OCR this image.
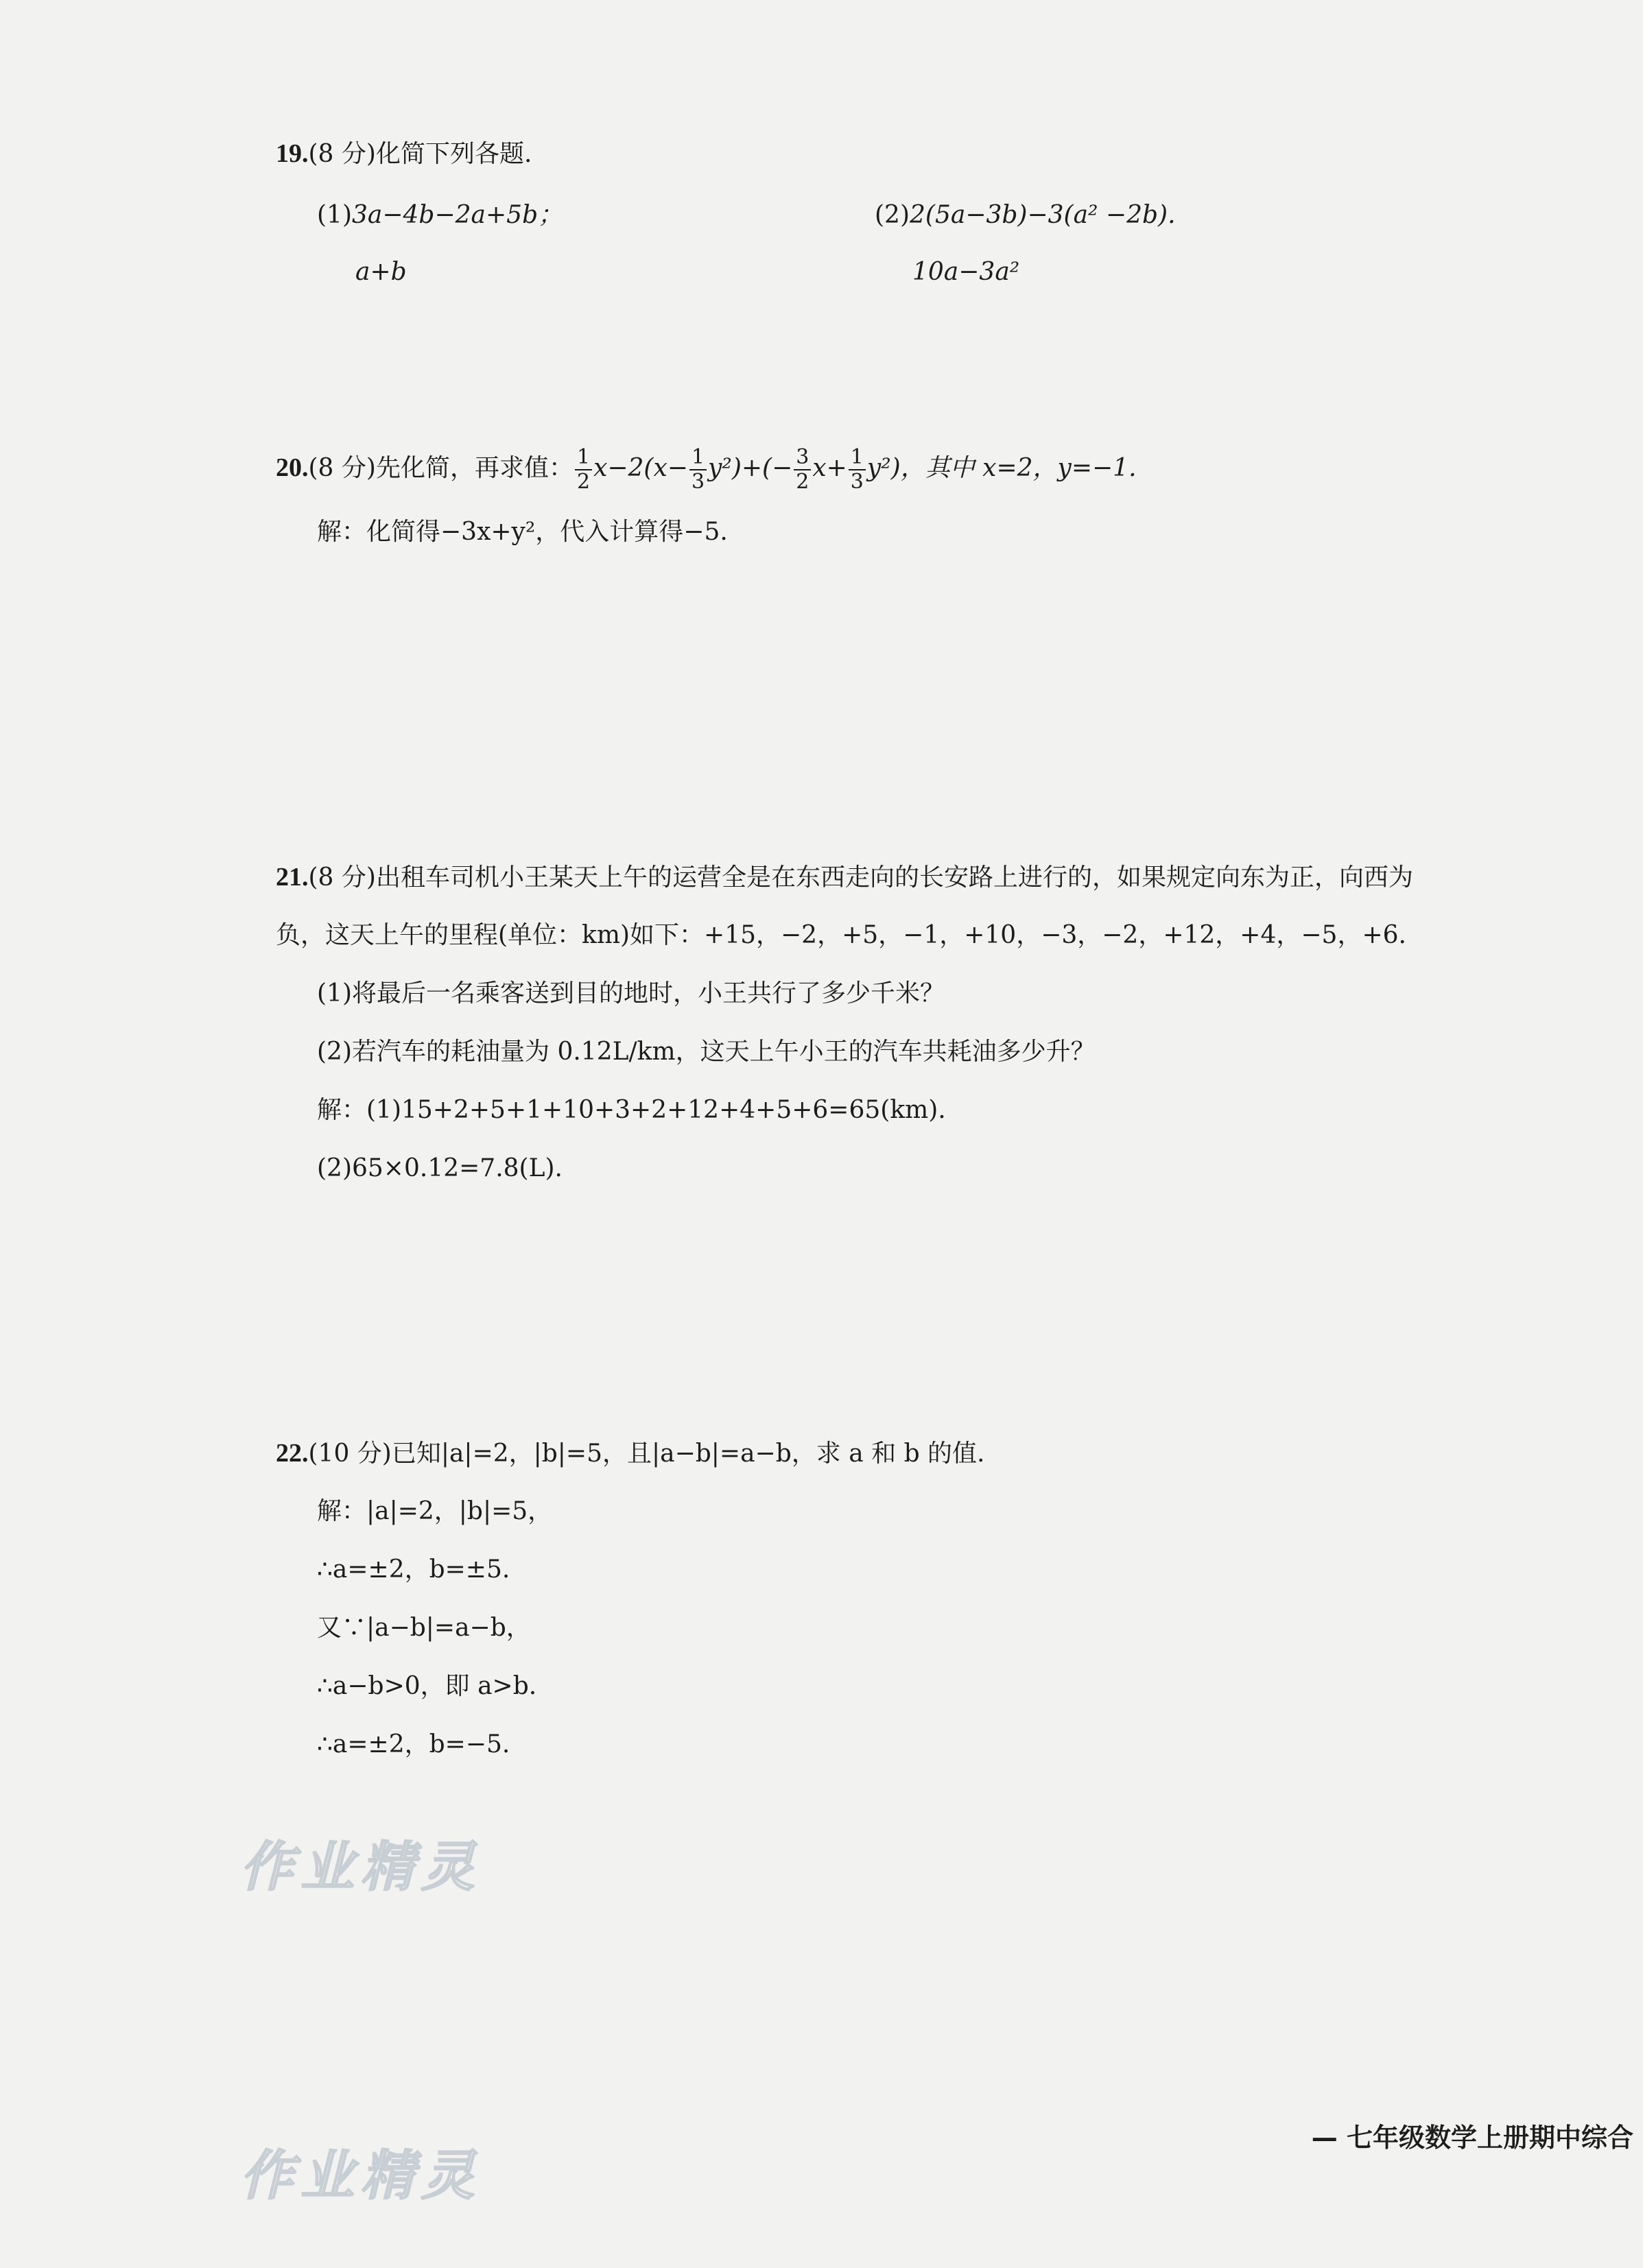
19.(8 分)化简下列各题.
(1)3a−4b−2a+5b；	(2)2(5a−3b)−3(a² −2b).
a+b	10a−3a²
20.(8 分)先化简，再求值： $\frac{1}{2} x-2(x- \frac{1}{3} y^2)+(- \frac{3}{2} x+ \frac{1}{3} y^2)$，其中 x=2，y=−1.
解：化简得−3x+y²，代入计算得−5.
21.(8 分)出租车司机小王某天上午的运营全是在东西走向的长安路上进行的，如果规定向东为正，向西为
负，这天上午的里程(单位：km)如下：+15，−2，+5，−1，+10，−3，−2，+12，+4，−5，+6.
(1)将最后一名乘客送到目的地时，小王共行了多少千米？
(2)若汽车的耗油量为 0.12L/km，这天上午小王的汽车共耗油多少升？
解：(1)15+2+5+1+10+3+2+12+4+5+6=65(km).
(2)65×0.12=7.8(L).
22.(10 分)已知|a|=2，|b|=5，且|a−b|=a−b，求 a 和 b 的值.
解：|a|=2，|b|=5，
∴a=±2，b=±5.
又∵|a−b|=a−b，
∴a−b>0，即 a>b.
∴a=±2，b=−5.
作业精灵
作业精灵
— 七年级数学上册期中综合
